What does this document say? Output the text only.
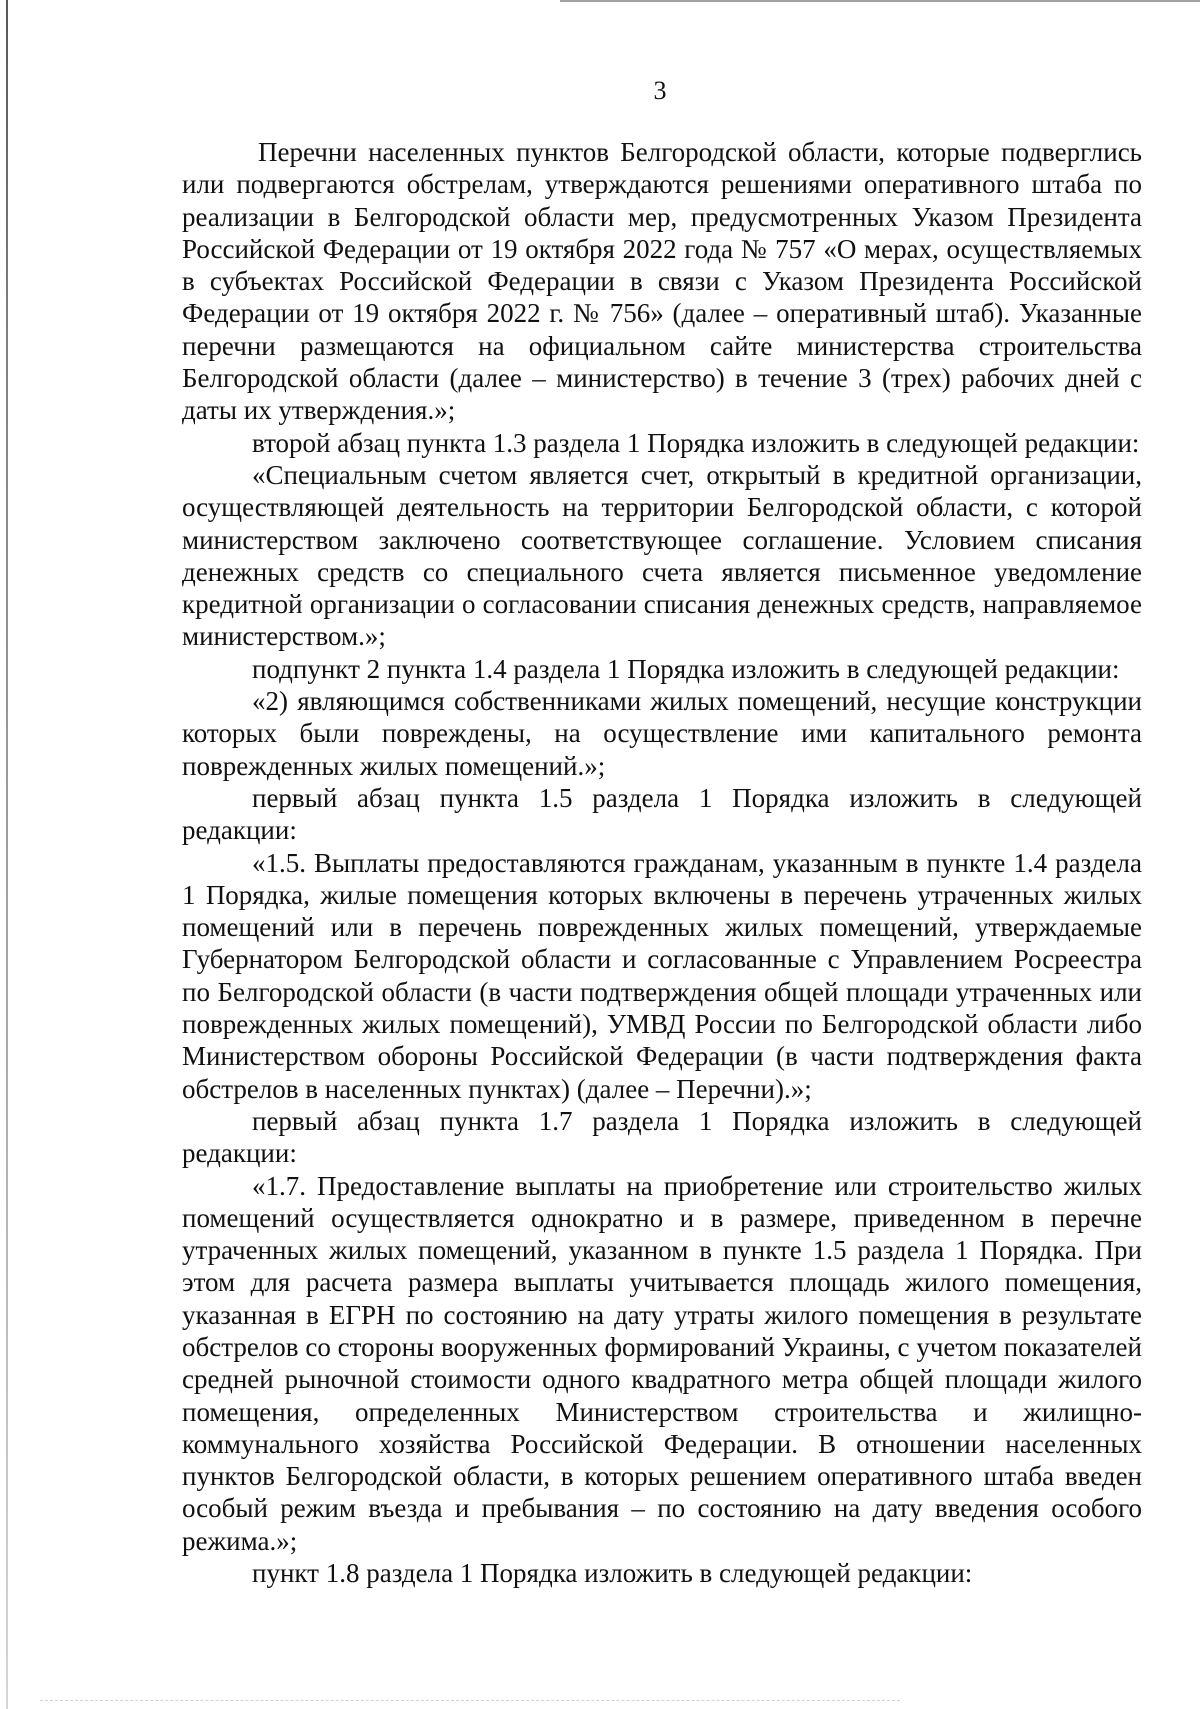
3

Перечни населенных пунктов Белгородской области, которые подверглись или подвергаются обстрелам, утверждаются решениями оперативного штаба по реализации в Белгородской области мер, предусмотренных Указом Президента Российской Федерации от 19 октября 2022 года № 757 «О мерах, осуществляемых в субъектах Российской Федерации в связи с Указом Президента Российской Федерации от 19 октября 2022 г. № 756» (далее – оперативный штаб). Указанные перечни размещаются на официальном сайте министерства строительства Белгородской области (далее – министерство) в течение 3 (трех) рабочих дней с даты их утверждения.»;

второй абзац пункта 1.3 раздела 1 Порядка изложить в следующей редакции:

«Специальным счетом является счет, открытый в кредитной организации, осуществляющей деятельность на территории Белгородской области, с которой министерством заключено соответствующее соглашение. Условием списания денежных средств со специального счета является письменное уведомление кредитной организации о согласовании списания денежных средств, направляемое министерством.»;

подпункт 2 пункта 1.4 раздела 1 Порядка изложить в следующей редакции:

«2) являющимся собственниками жилых помещений, несущие конструкции которых были повреждены, на осуществление ими капитального ремонта поврежденных жилых помещений.»;

первый абзац пункта 1.5 раздела 1 Порядка изложить в следующей редакции:

«1.5. Выплаты предоставляются гражданам, указанным в пункте 1.4 раздела 1 Порядка, жилые помещения которых включены в перечень утраченных жилых помещений или в перечень поврежденных жилых помещений, утверждаемые Губернатором Белгородской области и согласованные с Управлением Росреестра по Белгородской области (в части подтверждения общей площади утраченных или поврежденных жилых помещений), УМВД России по Белгородской области либо Министерством обороны Российской Федерации (в части подтверждения факта обстрелов в населенных пунктах) (далее – Перечни).»;

первый абзац пункта 1.7 раздела 1 Порядка изложить в следующей редакции:

«1.7. Предоставление выплаты на приобретение или строительство жилых помещений осуществляется однократно и в размере, приведенном в перечне утраченных жилых помещений, указанном в пункте 1.5 раздела 1 Порядка. При этом для расчета размера выплаты учитывается площадь жилого помещения, указанная в ЕГРН по состоянию на дату утраты жилого помещения в результате обстрелов со стороны вооруженных формирований Украины, с учетом показателей средней рыночной стоимости одного квадратного метра общей площади жилого помещения, определенных Министерством строительства и жилищно-коммунального хозяйства Российской Федерации. В отношении населенных пунктов Белгородской области, в которых решением оперативного штаба введен особый режим въезда и пребывания – по состоянию на дату введения особого режима.»;

пункт 1.8 раздела 1 Порядка изложить в следующей редакции:
